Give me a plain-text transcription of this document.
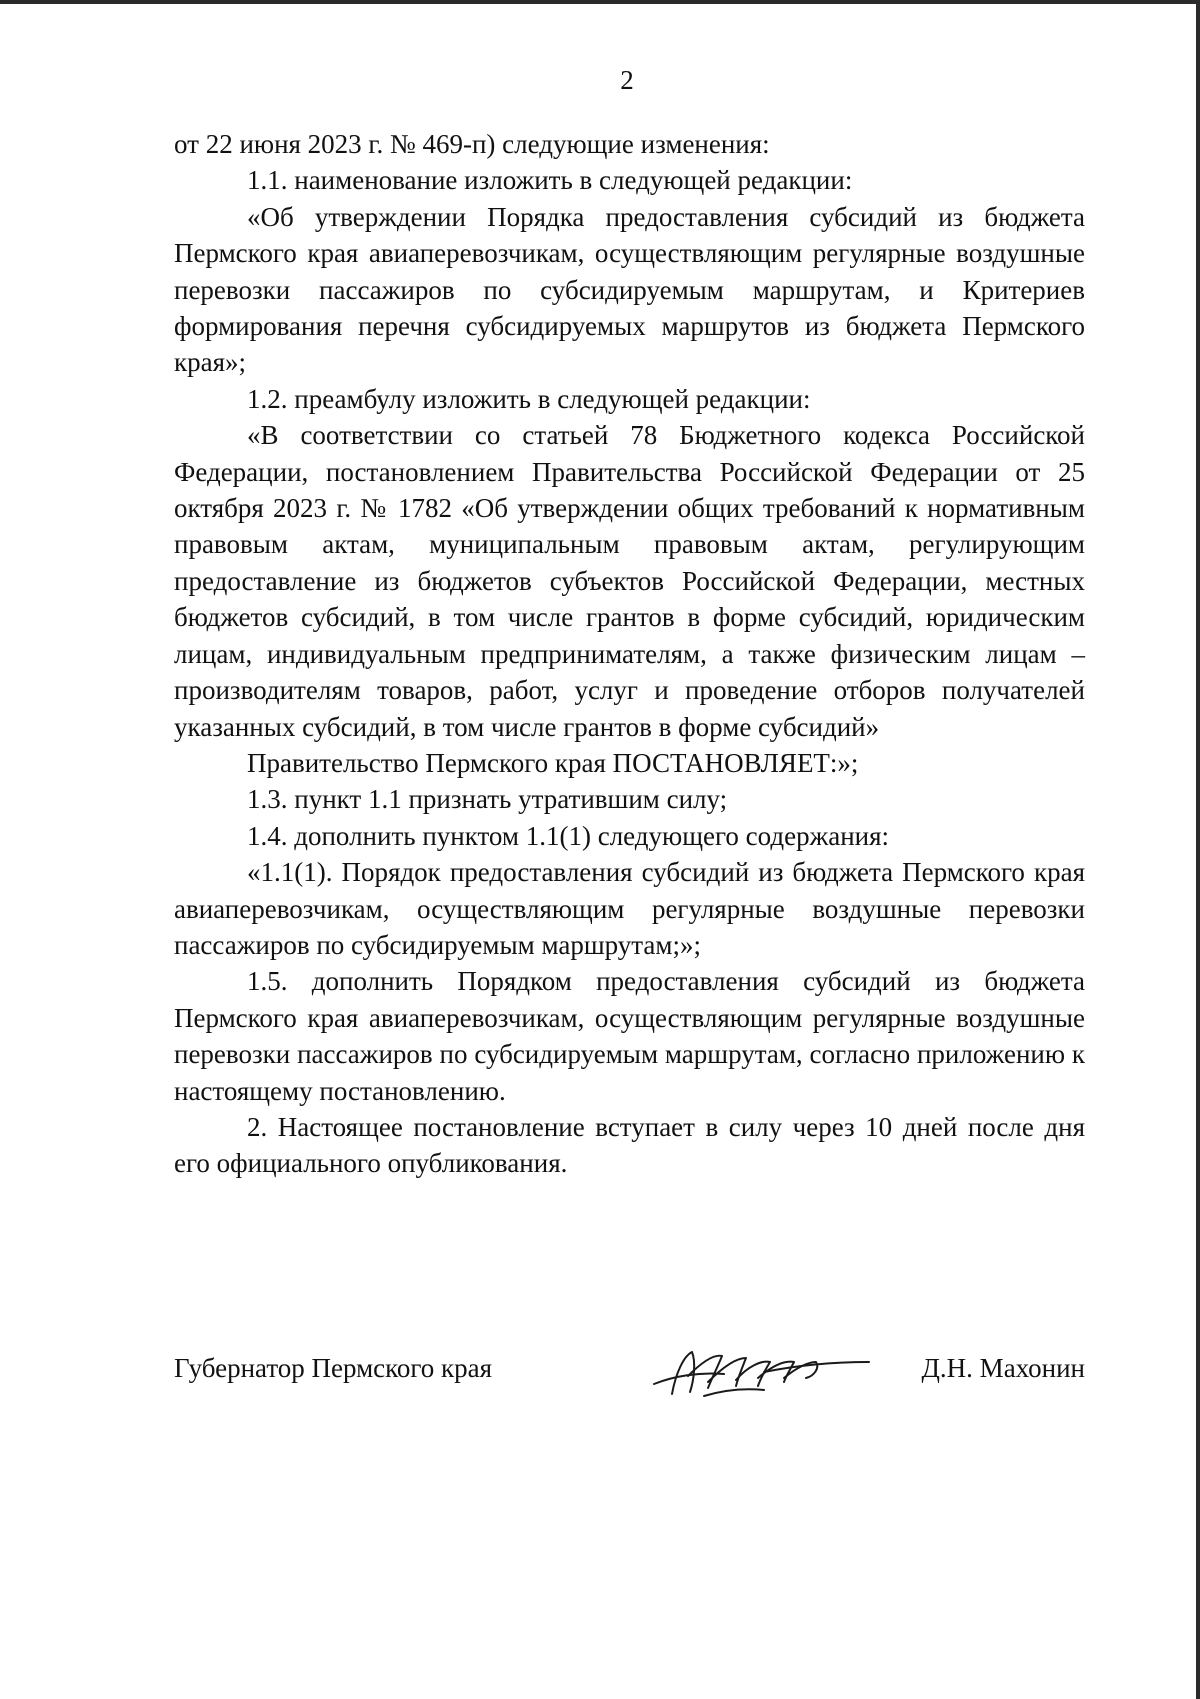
2

от 22 июня 2023 г. № 469-п) следующие изменения:

1.1. наименование изложить в следующей редакции:

«Об утверждении Порядка предоставления субсидий из бюджета Пермского края авиаперевозчикам, осуществляющим регулярные воздушные перевозки пассажиров по субсидируемым маршрутам, и Критериев формирования перечня субсидируемых маршрутов из бюджета Пермского края»;

1.2. преамбулу изложить в следующей редакции:

«В соответствии со статьей 78 Бюджетного кодекса Российской Федерации, постановлением Правительства Российской Федерации от 25 октября 2023 г. № 1782 «Об утверждении общих требований к нормативным правовым актам, муниципальным правовым актам, регулирующим предоставление из бюджетов субъектов Российской Федерации, местных бюджетов субсидий, в том числе грантов в форме субсидий, юридическим лицам, индивидуальным предпринимателям, а также физическим лицам – производителям товаров, работ, услуг и проведение отборов получателей указанных субсидий, в том числе грантов в форме субсидий»

Правительство Пермского края ПОСТАНОВЛЯЕТ:»;

1.3. пункт 1.1 признать утратившим силу;

1.4. дополнить пунктом 1.1(1) следующего содержания:

«1.1(1). Порядок предоставления субсидий из бюджета Пермского края авиаперевозчикам, осуществляющим регулярные воздушные перевозки пассажиров по субсидируемым маршрутам;»;

1.5. дополнить Порядком предоставления субсидий из бюджета Пермского края авиаперевозчикам, осуществляющим регулярные воздушные перевозки пассажиров по субсидируемым маршрутам, согласно приложению к настоящему постановлению.

2. Настоящее постановление вступает в силу через 10 дней после дня его официального опубликования.

Губернатор Пермского края	Д.Н. Махонин
